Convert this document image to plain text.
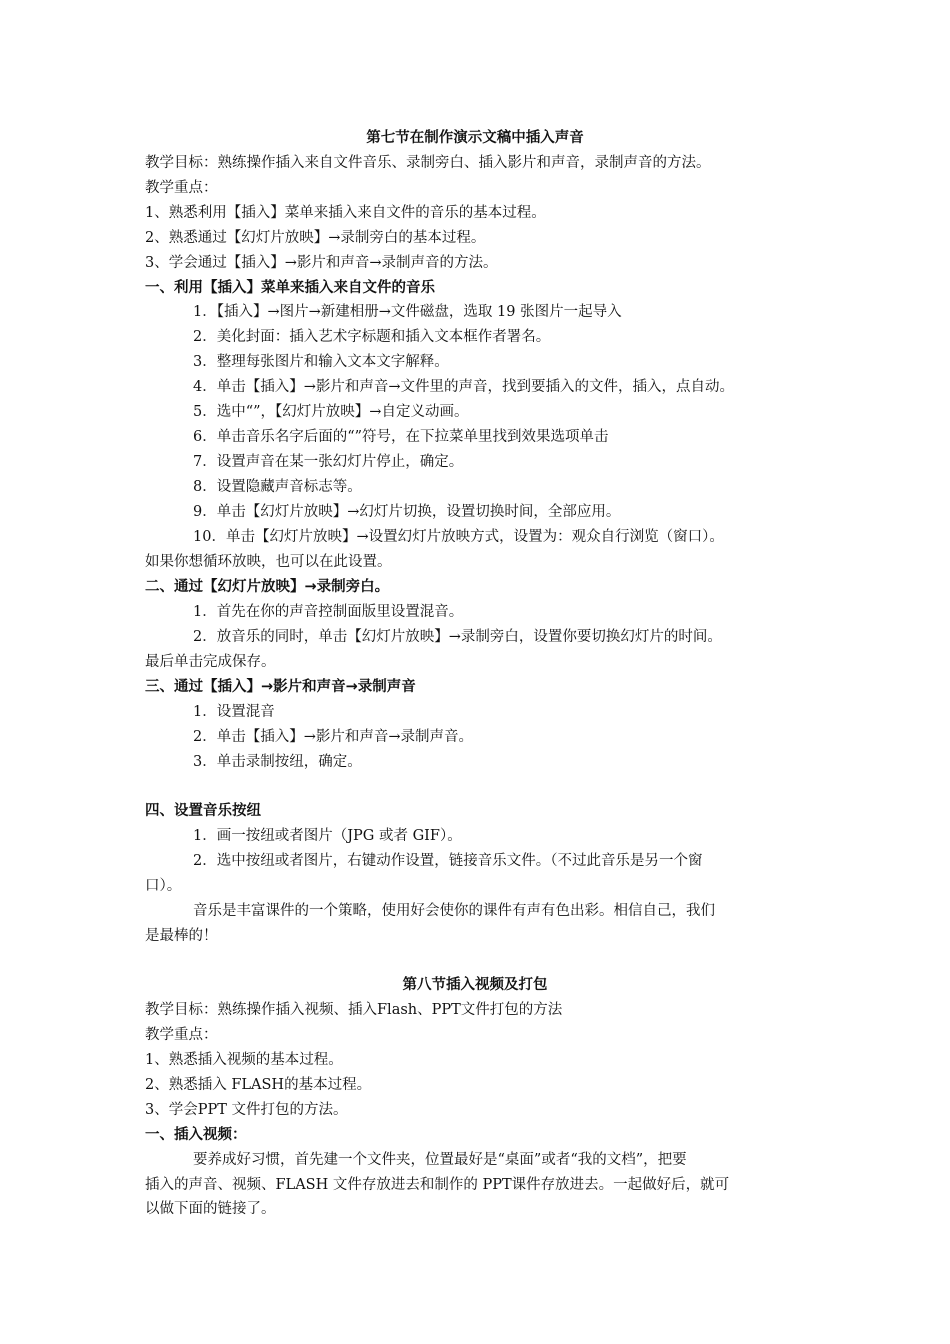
第七节在制作演示文稿中插入声音
教学目标：熟练操作插入来自文件音乐、录制旁白、插入影片和声音，录制声音的方法。
教学重点：
1、熟悉利用【插入】菜单来插入来自文件的音乐的基本过程。
2、熟悉通过【幻灯片放映】→录制旁白的基本过程。
3、学会通过【插入】→影片和声音→录制声音的方法。
一、利用【插入】菜单来插入来自文件的音乐
1．【插入】→图片→新建相册→文件磁盘，选取 19 张图片一起导入
2．美化封面：插入艺术字标题和插入文本框作者署名。
3．整理每张图片和输入文本文字解释。
4．单击【插入】→影片和声音→文件里的声音，找到要插入的文件，插入，点自动。
5．选中“”，【幻灯片放映】→自定义动画。
6．单击音乐名字后面的“”符号，在下拉菜单里找到效果选项单击
7．设置声音在某一张幻灯片停止，确定。
8．设置隐藏声音标志等。
9．单击【幻灯片放映】→幻灯片切换，设置切换时间，全部应用。
10．单击【幻灯片放映】→设置幻灯片放映方式，设置为：观众自行浏览（窗口）。
如果你想循环放映，也可以在此设置。
二、通过【幻灯片放映】→录制旁白。
1．首先在你的声音控制面版里设置混音。
2．放音乐的同时，单击【幻灯片放映】→录制旁白，设置你要切换幻灯片的时间。
最后单击完成保存。
三、通过【插入】→影片和声音→录制声音
1．设置混音
2．单击【插入】→影片和声音→录制声音。
3．单击录制按纽，确定。
四、设置音乐按纽
1．画一按纽或者图片（JPG 或者 GIF）。
2．选中按纽或者图片，右键动作设置，链接音乐文件。（不过此音乐是另一个窗
口）。
音乐是丰富课件的一个策略，使用好会使你的课件有声有色出彩。相信自己，我们
是最棒的！
第八节插入视频及打包
教学目标：熟练操作插入视频、插入Flash、PPT文件打包的方法
教学重点：
1、熟悉插入视频的基本过程。
2、熟悉插入 FLASH的基本过程。
3、学会PPT 文件打包的方法。
一、插入视频：
要养成好习惯，首先建一个文件夹，位置最好是“桌面”或者“我的文档”，把要
插入的声音、视频、FLASH 文件存放进去和制作的 PPT课件存放进去。一起做好后，就可
以做下面的链接了。
